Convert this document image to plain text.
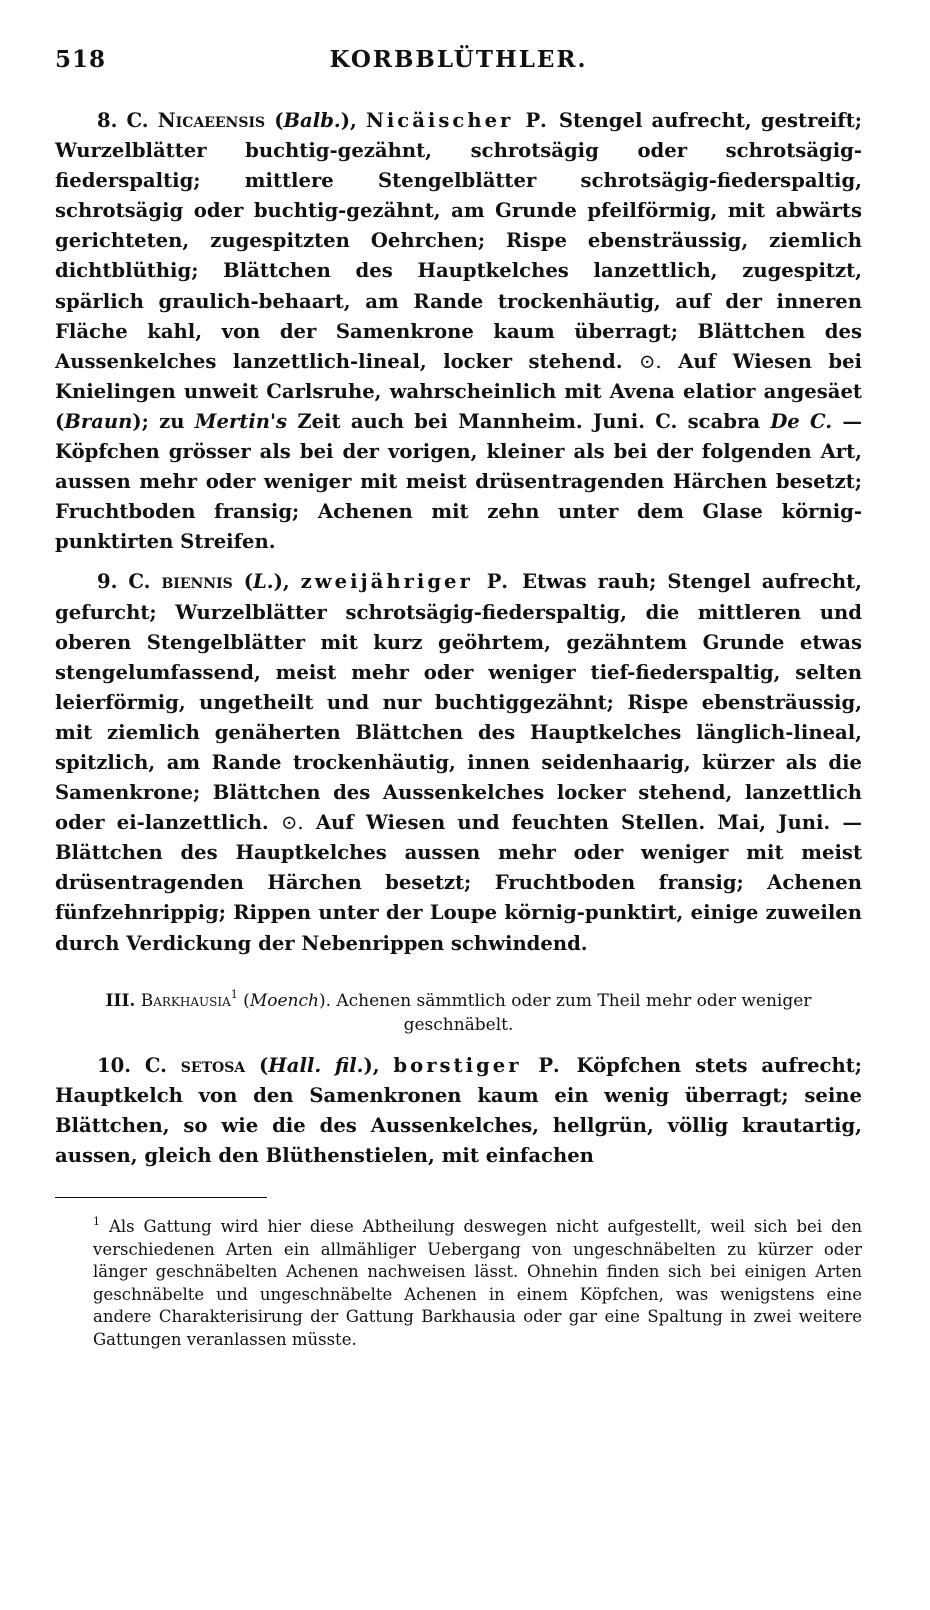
518	KORBBLÜTHLER.

8. C. Nicaeensis (Balb.), Nicäischer P. Stengel aufrecht, gestreift; Wurzelblätter buchtig-gezähnt, schrotsägig oder schrotsägig-fiederspaltig; mittlere Stengelblätter schrotsägig-fiederspaltig, schrotsägig oder buchtig-gezähnt, am Grunde pfeilförmig, mit abwärts gerichteten, zugespitzten Oehrchen; Rispe ebensträussig, ziemlich dichtblüthig; Blättchen des Hauptkelches lanzettlich, zugespitzt, spärlich graulich-behaart, am Rande trockenhäutig, auf der inneren Fläche kahl, von der Samenkrone kaum überragt; Blättchen des Aussenkelches lanzettlich-lineal, locker stehend. ⊙. Auf Wiesen bei Knielingen unweit Carlsruhe, wahrscheinlich mit Avena elatior angesäet (Braun); zu Mertin's Zeit auch bei Mannheim. Juni. C. scabra De C. — Köpfchen grösser als bei der vorigen, kleiner als bei der folgenden Art, aussen mehr oder weniger mit meist drüsentragenden Härchen besetzt; Fruchtboden fransig; Achenen mit zehn unter dem Glase körnig-punktirten Streifen.

9. C. biennis (L.), zweijähriger P. Etwas rauh; Stengel aufrecht, gefurcht; Wurzelblätter schrotsägig-fiederspaltig, die mittleren und oberen Stengelblätter mit kurz geöhrtem, gezähntem Grunde etwas stengelumfassend, meist mehr oder weniger tief-fiederspaltig, selten leierförmig, ungetheilt und nur buchtiggezähnt; Rispe ebensträussig, mit ziemlich genäherten Blättchen des Hauptkelches länglich-lineal, spitzlich, am Rande trockenhäutig, innen seidenhaarig, kürzer als die Samenkrone; Blättchen des Aussenkelches locker stehend, lanzettlich oder ei-lanzettlich. ⊙. Auf Wiesen und feuchten Stellen. Mai, Juni. — Blättchen des Hauptkelches aussen mehr oder weniger mit meist drüsentragenden Härchen besetzt; Fruchtboden fransig; Achenen fünfzehnrippig; Rippen unter der Loupe körnig-punktirt, einige zuweilen durch Verdickung der Nebenrippen schwindend.

III. Barkhausia$^1$ (Moench). Achenen sämmtlich oder zum Theil mehr oder weniger geschnäbelt.

10. C. setosa (Hall. fil.), borstiger P. Köpfchen stets aufrecht; Hauptkelch von den Samenkronen kaum ein wenig überragt; seine Blättchen, so wie die des Aussenkelches, hellgrün, völlig krautartig, aussen, gleich den Blüthenstielen, mit einfachen

$^1$ Als Gattung wird hier diese Abtheilung deswegen nicht aufgestellt, weil sich bei den verschiedenen Arten ein allmähliger Uebergang von ungeschnäbelten zu kürzer oder länger geschnäbelten Achenen nachweisen lässt. Ohnehin finden sich bei einigen Arten geschnäbelte und ungeschnäbelte Achenen in einem Köpfchen, was wenigstens eine andere Charakterisirung der Gattung Barkhausia oder gar eine Spaltung in zwei weitere Gattungen veranlassen müsste.
